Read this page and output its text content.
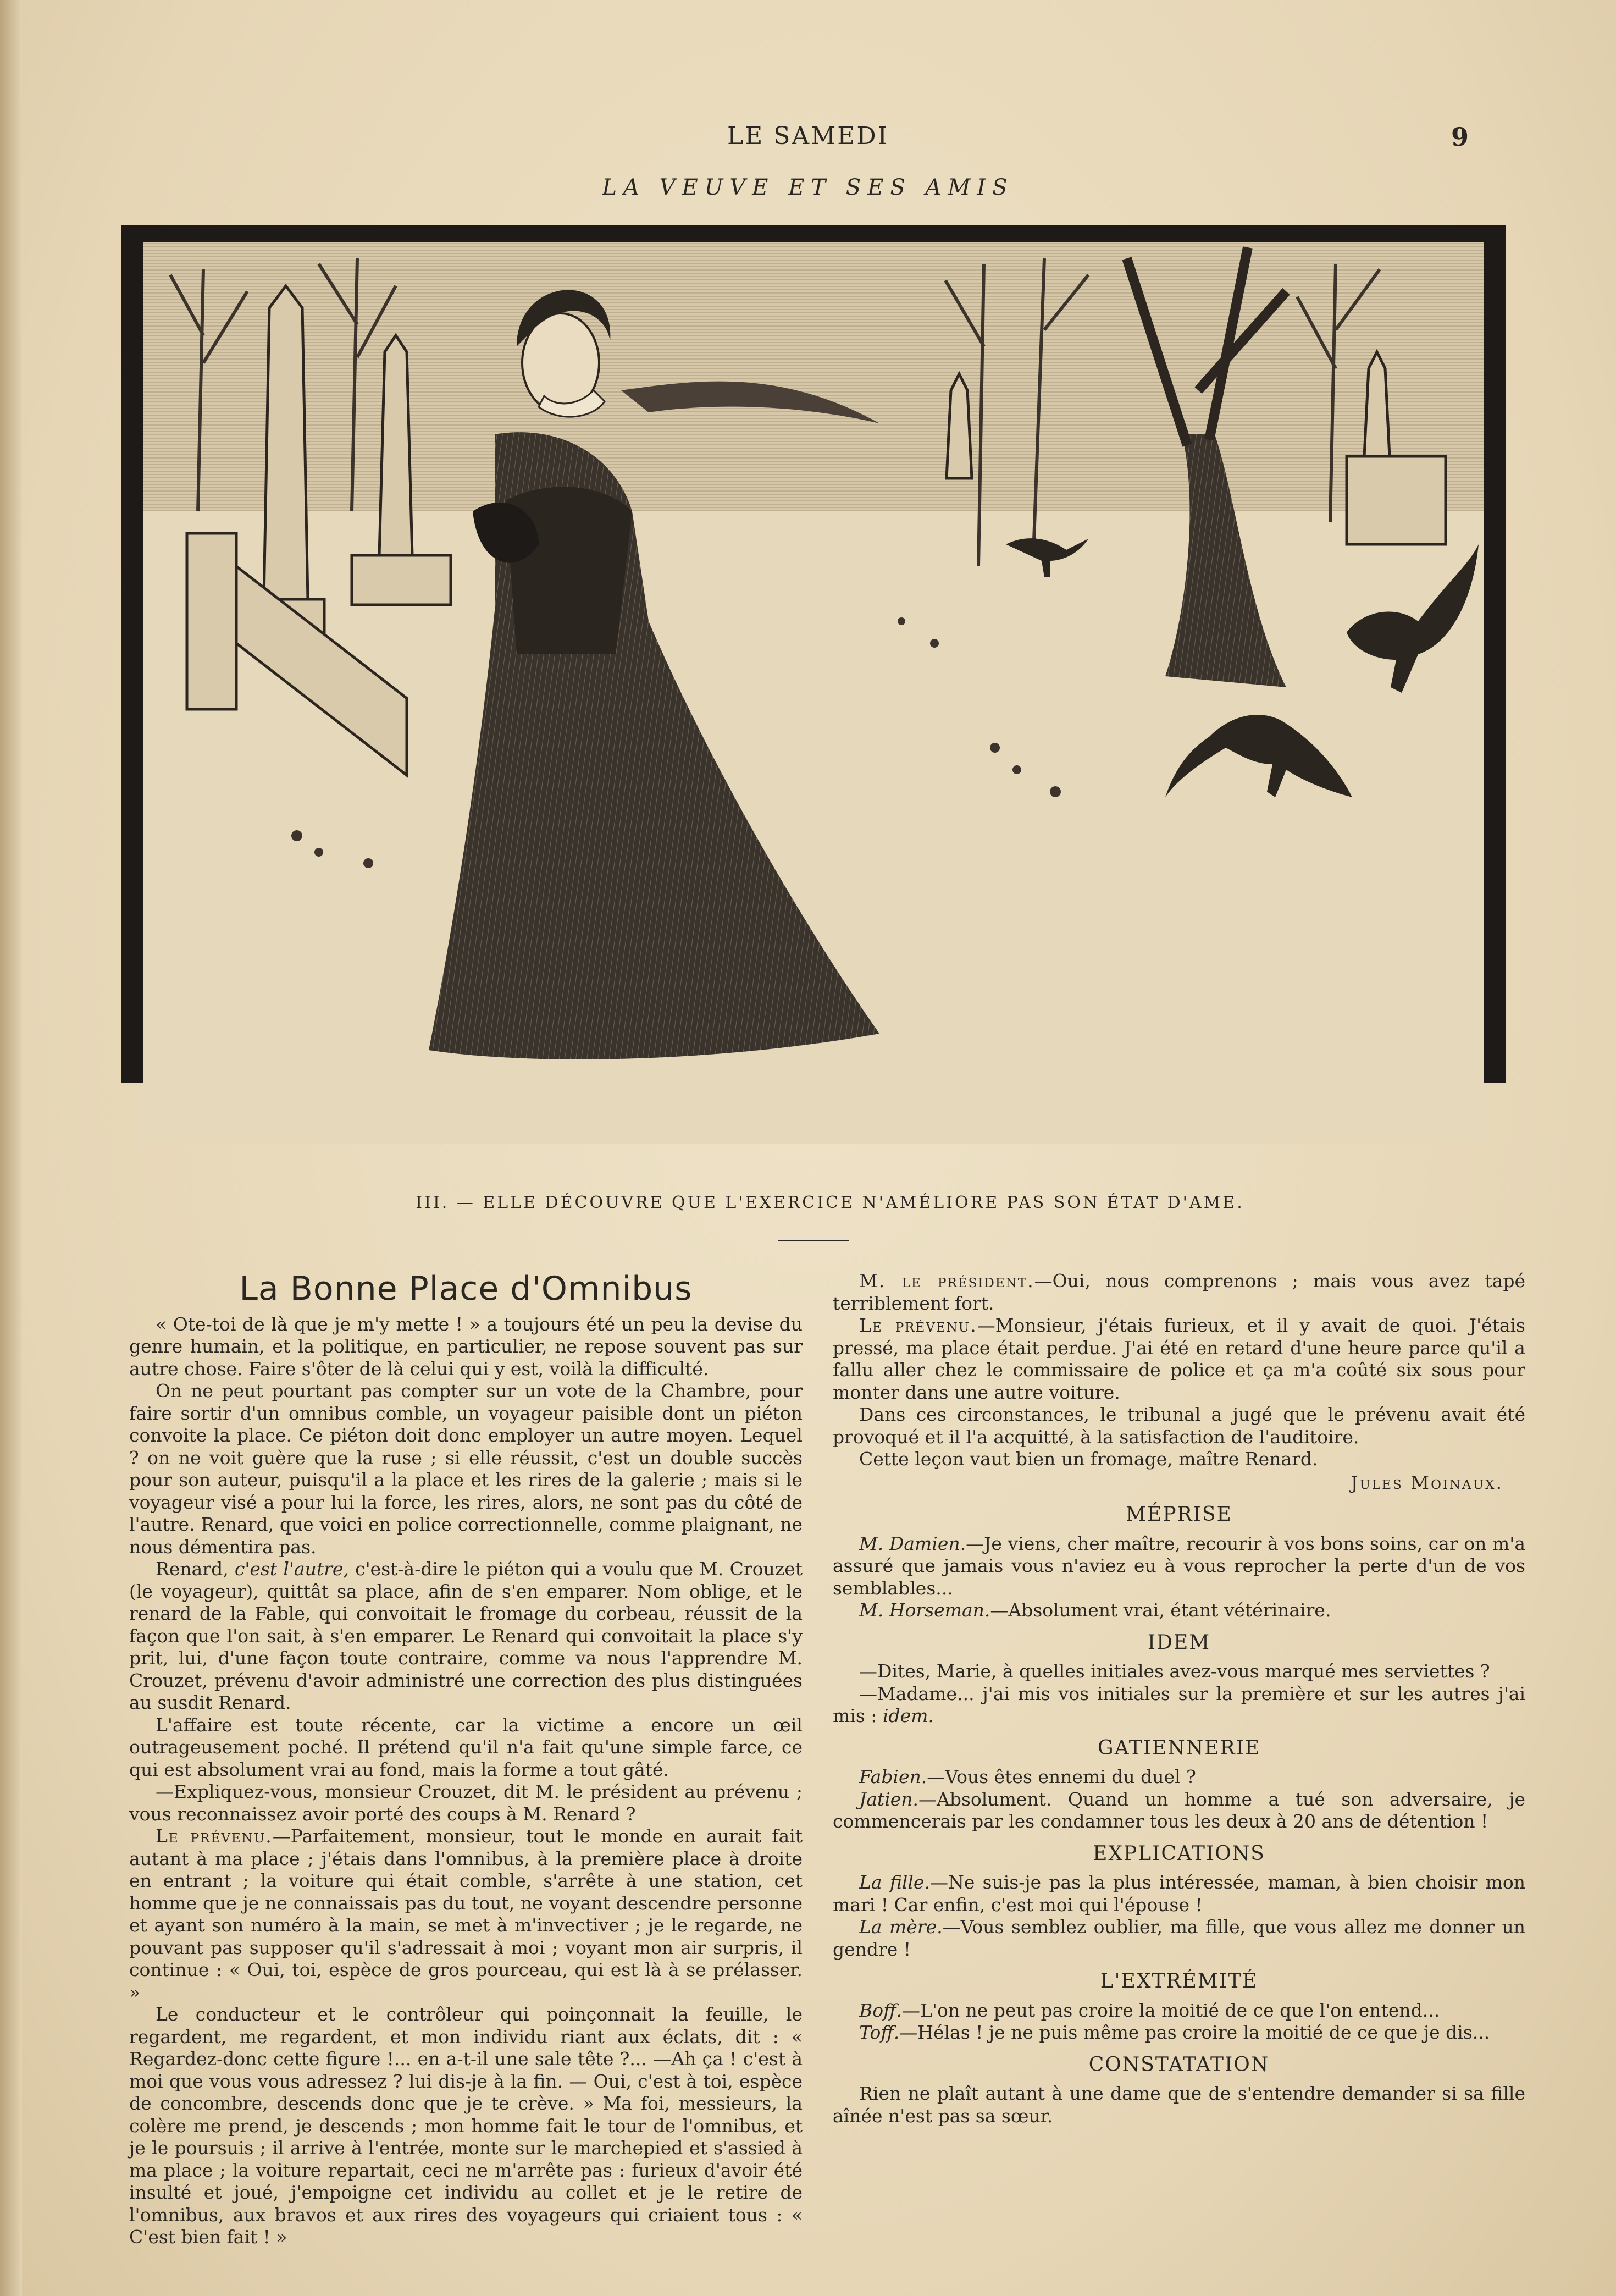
LE SAMEDI	9
LA VEUVE ET SES AMIS
III. — ELLE DÉCOUVRE QUE L'EXERCICE N'AMÉLIORE PAS SON ÉTAT D'AME.
La Bonne Place d'Omnibus

« Ote-toi de là que je m'y mette ! » a toujours été un peu la devise du genre humain, et la politique, en particulier, ne repose souvent pas sur autre chose. Faire s'ôter de là celui qui y est, voilà la difficulté.

On ne peut pourtant pas compter sur un vote de la Chambre, pour faire sortir d'un omnibus comble, un voyageur paisible dont un piéton convoite la place. Ce piéton doit donc employer un autre moyen. Lequel ? on ne voit guère que la ruse ; si elle réussit, c'est un double succès pour son auteur, puisqu'il a la place et les rires de la galerie ; mais si le voyageur visé a pour lui la force, les rires, alors, ne sont pas du côté de l'autre. Renard, que voici en police correctionnelle, comme plaignant, ne nous démentira pas.

Renard, c'est l'autre, c'est-à-dire le piéton qui a voulu que M. Crouzet (le voyageur), quittât sa place, afin de s'en emparer. Nom oblige, et le renard de la Fable, qui convoitait le fromage du corbeau, réussit de la façon que l'on sait, à s'en emparer. Le Renard qui convoitait la place s'y prit, lui, d'une façon toute contraire, comme va nous l'apprendre M. Crouzet, prévenu d'avoir administré une correction des plus distinguées au susdit Renard.

L'affaire est toute récente, car la victime a encore un œil outrageusement poché. Il prétend qu'il n'a fait qu'une simple farce, ce qui est absolument vrai au fond, mais la forme a tout gâté.

—Expliquez-vous, monsieur Crouzet, dit M. le président au prévenu ; vous reconnaissez avoir porté des coups à M. Renard ?

Le prévenu.—Parfaitement, monsieur, tout le monde en aurait fait autant à ma place ; j'étais dans l'omnibus, à la première place à droite en entrant ; la voiture qui était comble, s'arrête à une station, cet homme que je ne connaissais pas du tout, ne voyant descendre personne et ayant son numéro à la main, se met à m'invectiver ; je le regarde, ne pouvant pas supposer qu'il s'adressait à moi ; voyant mon air surpris, il continue : « Oui, toi, espèce de gros pourceau, qui est là à se prélasser. »

Le conducteur et le contrôleur qui poinçonnait la feuille, le regardent, me regardent, et mon individu riant aux éclats, dit : « Regardez-donc cette figure !... en a-t-il une sale tête ?... —Ah ça ! c'est à moi que vous vous adressez ? lui dis-je à la fin. — Oui, c'est à toi, espèce de concombre, descends donc que je te crève. » Ma foi, messieurs, la colère me prend, je descends ; mon homme fait le tour de l'omnibus, et je le poursuis ; il arrive à l'entrée, monte sur le marchepied et s'assied à ma place ; la voiture repartait, ceci ne m'arrête pas : furieux d'avoir été insulté et joué, j'empoigne cet individu au collet et je le retire de l'omnibus, aux bravos et aux rires des voyageurs qui criaient tous : « C'est bien fait ! »

M. le président.—Oui, nous comprenons ; mais vous avez tapé terriblement fort.

Le prévenu.—Monsieur, j'étais furieux, et il y avait de quoi. J'étais pressé, ma place était perdue. J'ai été en retard d'une heure parce qu'il a fallu aller chez le commissaire de police et ça m'a coûté six sous pour monter dans une autre voiture.

Dans ces circonstances, le tribunal a jugé que le prévenu avait été provoqué et il l'a acquitté, à la satisfaction de l'auditoire.

Cette leçon vaut bien un fromage, maître Renard.

Jules Moinaux.
MÉPRISE

M. Damien.—Je viens, cher maître, recourir à vos bons soins, car on m'a assuré que jamais vous n'aviez eu à vous reprocher la perte d'un de vos semblables...

M. Horseman.—Absolument vrai, étant vétérinaire.

IDEM

—Dites, Marie, à quelles initiales avez-vous marqué mes serviettes ?

—Madame... j'ai mis vos initiales sur la première et sur les autres j'ai mis : idem.

GATIENNERIE

Fabien.—Vous êtes ennemi du duel ?

Jatien.—Absolument. Quand un homme a tué son adversaire, je commencerais par les condamner tous les deux à 20 ans de détention !

EXPLICATIONS

La fille.—Ne suis-je pas la plus intéressée, maman, à bien choisir mon mari ! Car enfin, c'est moi qui l'épouse !

La mère.—Vous semblez oublier, ma fille, que vous allez me donner un gendre !

L'EXTRÉMITÉ

Boff.—L'on ne peut pas croire la moitié de ce que l'on entend...

Toff.—Hélas ! je ne puis même pas croire la moitié de ce que je dis...

CONSTATATION

Rien ne plaît autant à une dame que de s'entendre demander si sa fille aînée n'est pas sa sœur.
